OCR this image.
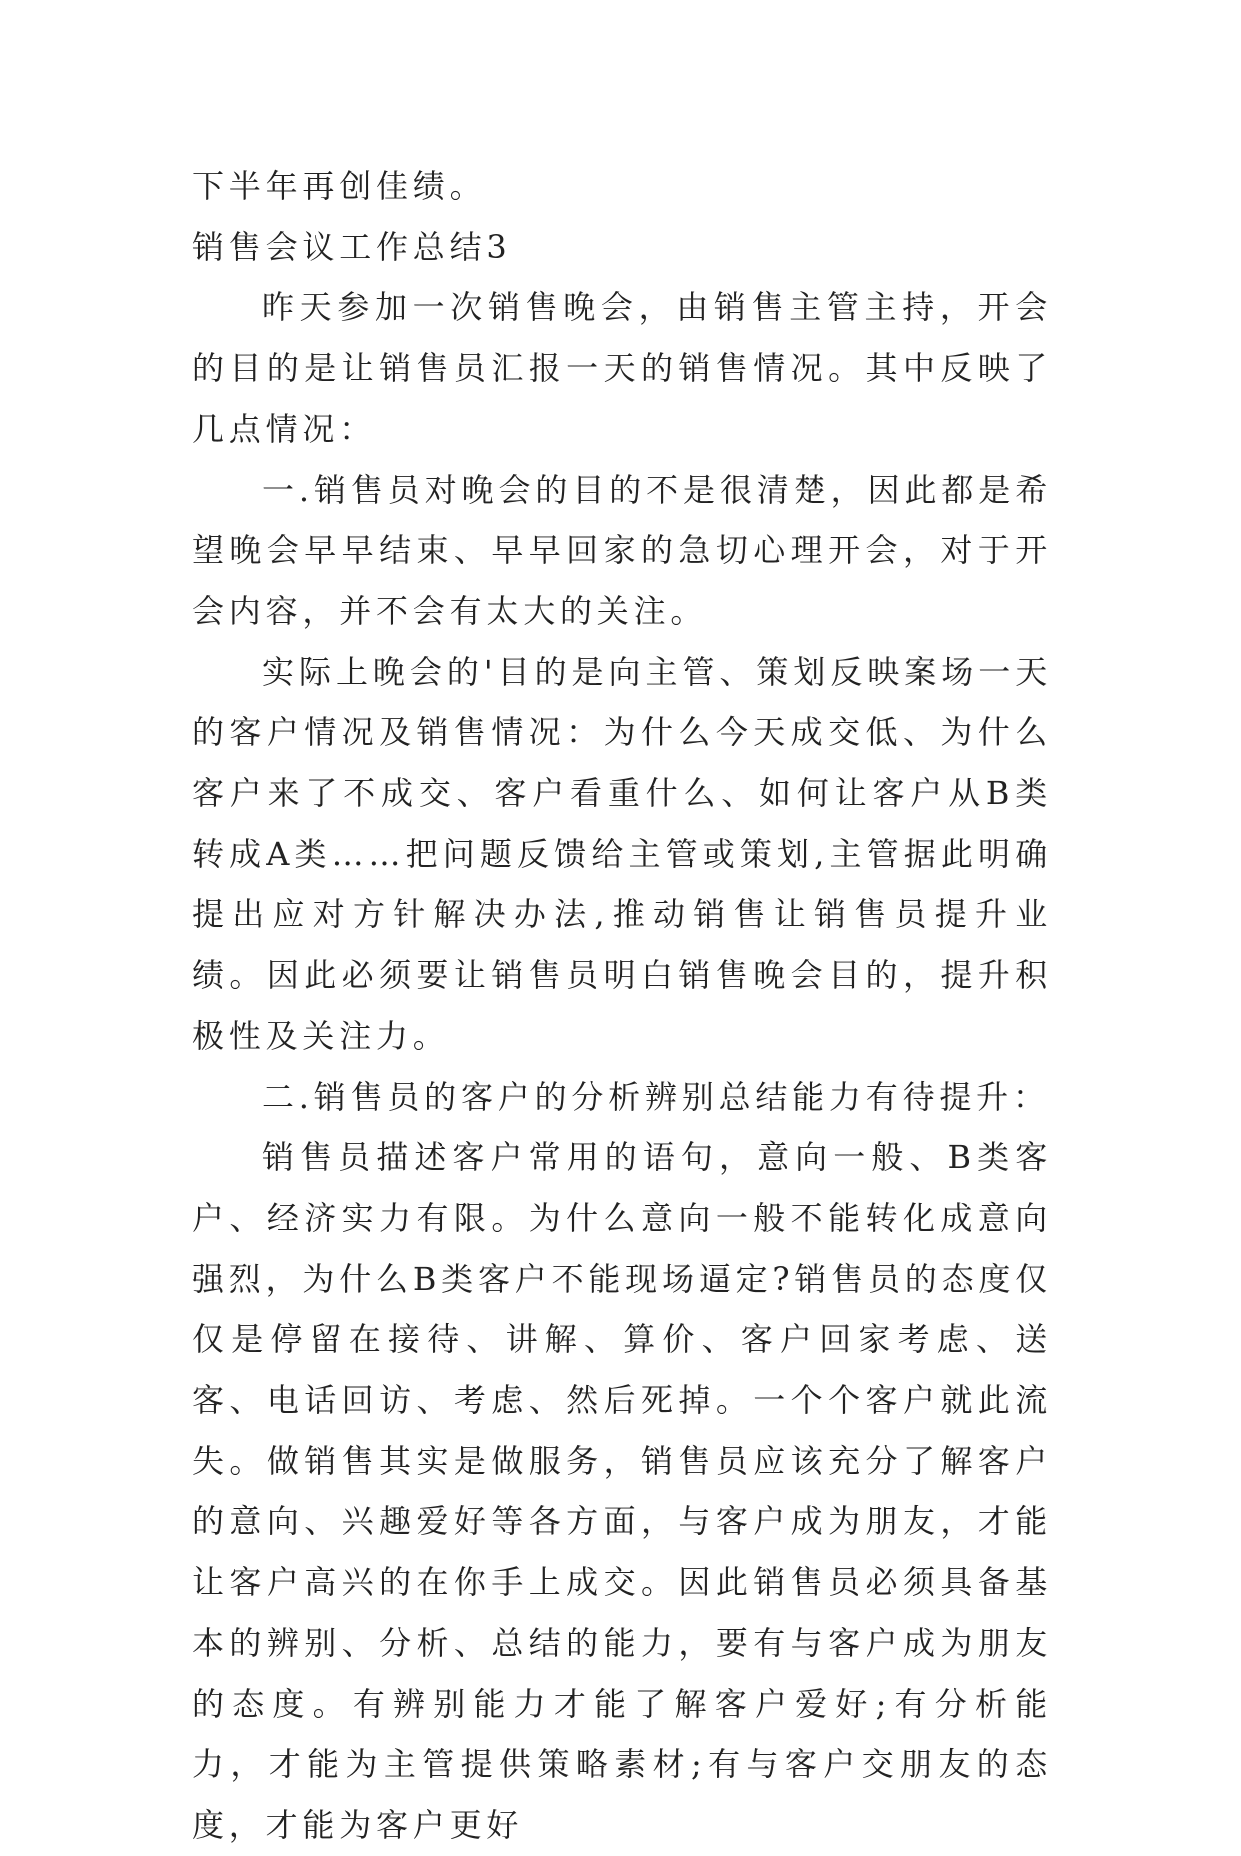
下半年再创佳绩。

销售会议工作总结3

昨天参加一次销售晚会，由销售主管主持，开会的目的是让销售员汇报一天的销售情况。其中反映了几点情况：

一.销售员对晚会的目的不是很清楚，因此都是希望晚会早早结束、早早回家的急切心理开会，对于开会内容，并不会有太大的关注。

实际上晚会的'目的是向主管、策划反映案场一天的客户情况及销售情况：为什么今天成交低、为什么客户来了不成交、客户看重什么、如何让客户从B类转成A类……把问题反馈给主管或策划,主管据此明确提出应对方针解决办法,推动销售让销售员提升业绩。因此必须要让销售员明白销售晚会目的，提升积极性及关注力。

二.销售员的客户的分析辨别总结能力有待提升：

销售员描述客户常用的语句，意向一般、B类客户、经济实力有限。为什么意向一般不能转化成意向强烈，为什么B类客户不能现场逼定?销售员的态度仅仅是停留在接待、讲解、算价、客户回家考虑、送客、电话回访、考虑、然后死掉。一个个客户就此流失。做销售其实是做服务，销售员应该充分了解客户的意向、兴趣爱好等各方面，与客户成为朋友，才能让客户高兴的在你手上成交。因此销售员必须具备基本的辨别、分析、总结的能力，要有与客户成为朋友的态度。有辨别能力才能了解客户爱好;有分析能力，才能为主管提供策略素材;有与客户交朋友的态度，才能为客户更好
